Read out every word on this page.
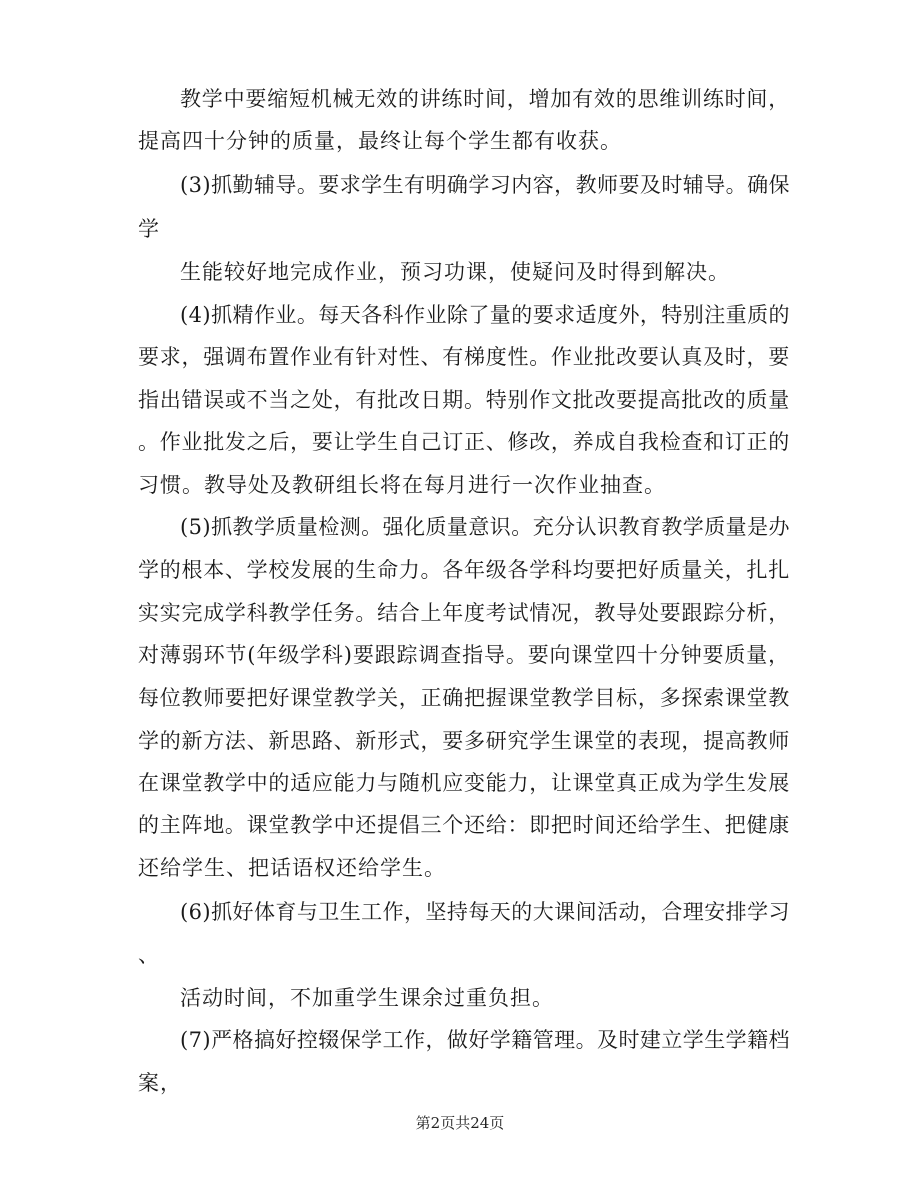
教学中要缩短机械无效的讲练时间，增加有效的思维训练时间，
提高四十分钟的质量，最终让每个学生都有收获。
(3)抓勤辅导。要求学生有明确学习内容，教师要及时辅导。确保
学
生能较好地完成作业，预习功课，使疑问及时得到解决。
(4)抓精作业。每天各科作业除了量的要求适度外，特别注重质的
要求，强调布置作业有针对性、有梯度性。作业批改要认真及时，要
指出错误或不当之处，有批改日期。特别作文批改要提高批改的质量
。作业批发之后，要让学生自己订正、修改，养成自我检查和订正的
习惯。教导处及教研组长将在每月进行一次作业抽查。
(5)抓教学质量检测。强化质量意识。充分认识教育教学质量是办
学的根本、学校发展的生命力。各年级各学科均要把好质量关，扎扎
实实完成学科教学任务。结合上年度考试情况，教导处要跟踪分析，
对薄弱环节(年级学科)要跟踪调查指导。要向课堂四十分钟要质量，
每位教师要把好课堂教学关，正确把握课堂教学目标，多探索课堂教
学的新方法、新思路、新形式，要多研究学生课堂的表现，提高教师
在课堂教学中的适应能力与随机应变能力，让课堂真正成为学生发展
的主阵地。课堂教学中还提倡三个还给：即把时间还给学生、把健康
还给学生、把话语权还给学生。
(6)抓好体育与卫生工作，坚持每天的大课间活动，合理安排学习
、
活动时间，不加重学生课余过重负担。
(7)严格搞好控辍保学工作，做好学籍管理。及时建立学生学籍档
案，
第2页共24页
